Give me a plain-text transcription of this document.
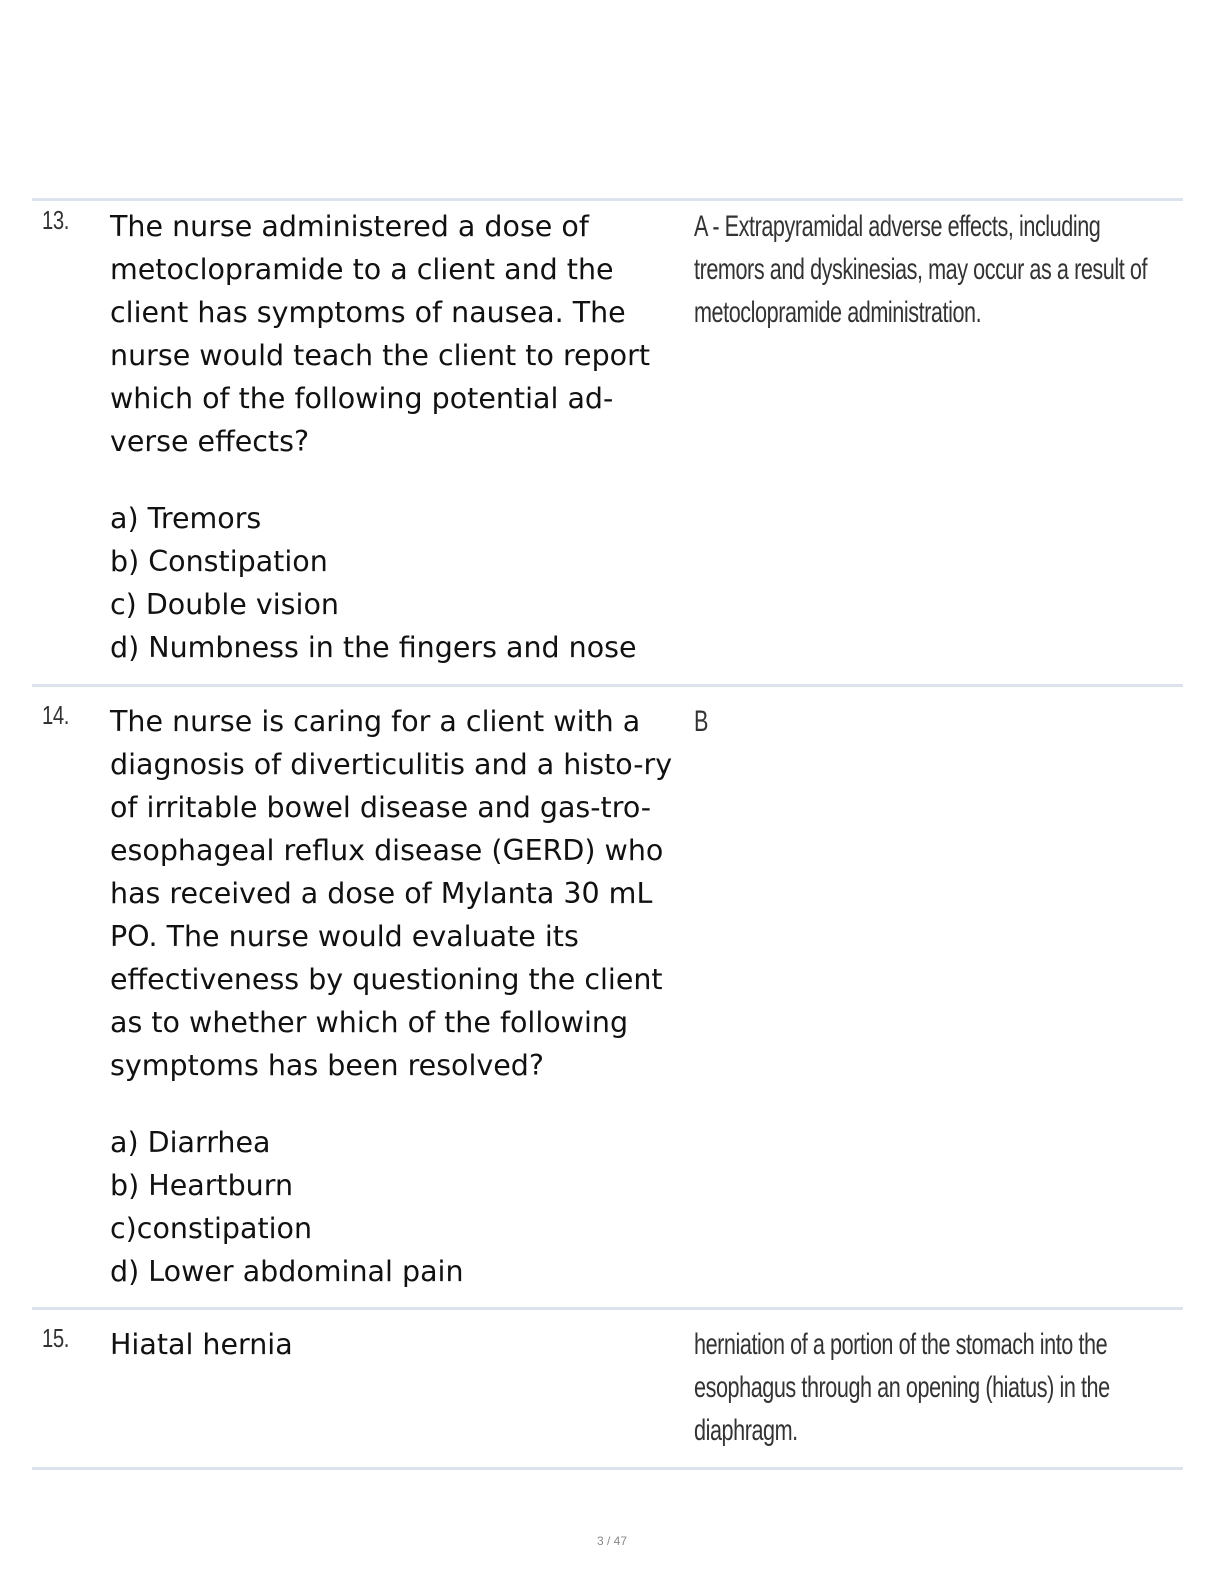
13. The nurse administered a dose of metoclopramide to a client and the client has symptoms of nausea. The nurse would teach the client to report which of the following potential ad-verse effects?

a) Tremors
b) Constipation
c) Double vision
d) Numbness in the fingers and nose
A - Extrapyramidal adverse effects, including tremors and dyskinesias, may occur as a result of metoclopramide administration.
14. The nurse is caring for a client with a diagnosis of diverticulitis and a histo-ry of irritable bowel disease and gas-tro-esophageal reflux disease (GERD) who has received a dose of Mylanta 30 mL PO. The nurse would evaluate its effectiveness by questioning the client as to whether which of the following symptoms has been resolved?

a) Diarrhea
b) Heartburn
c)constipation
d) Lower abdominal pain
B
15. Hiatal hernia	herniation of a portion of the stomach into the esophagus through an opening (hiatus) in the diaphragm.
3 / 47
